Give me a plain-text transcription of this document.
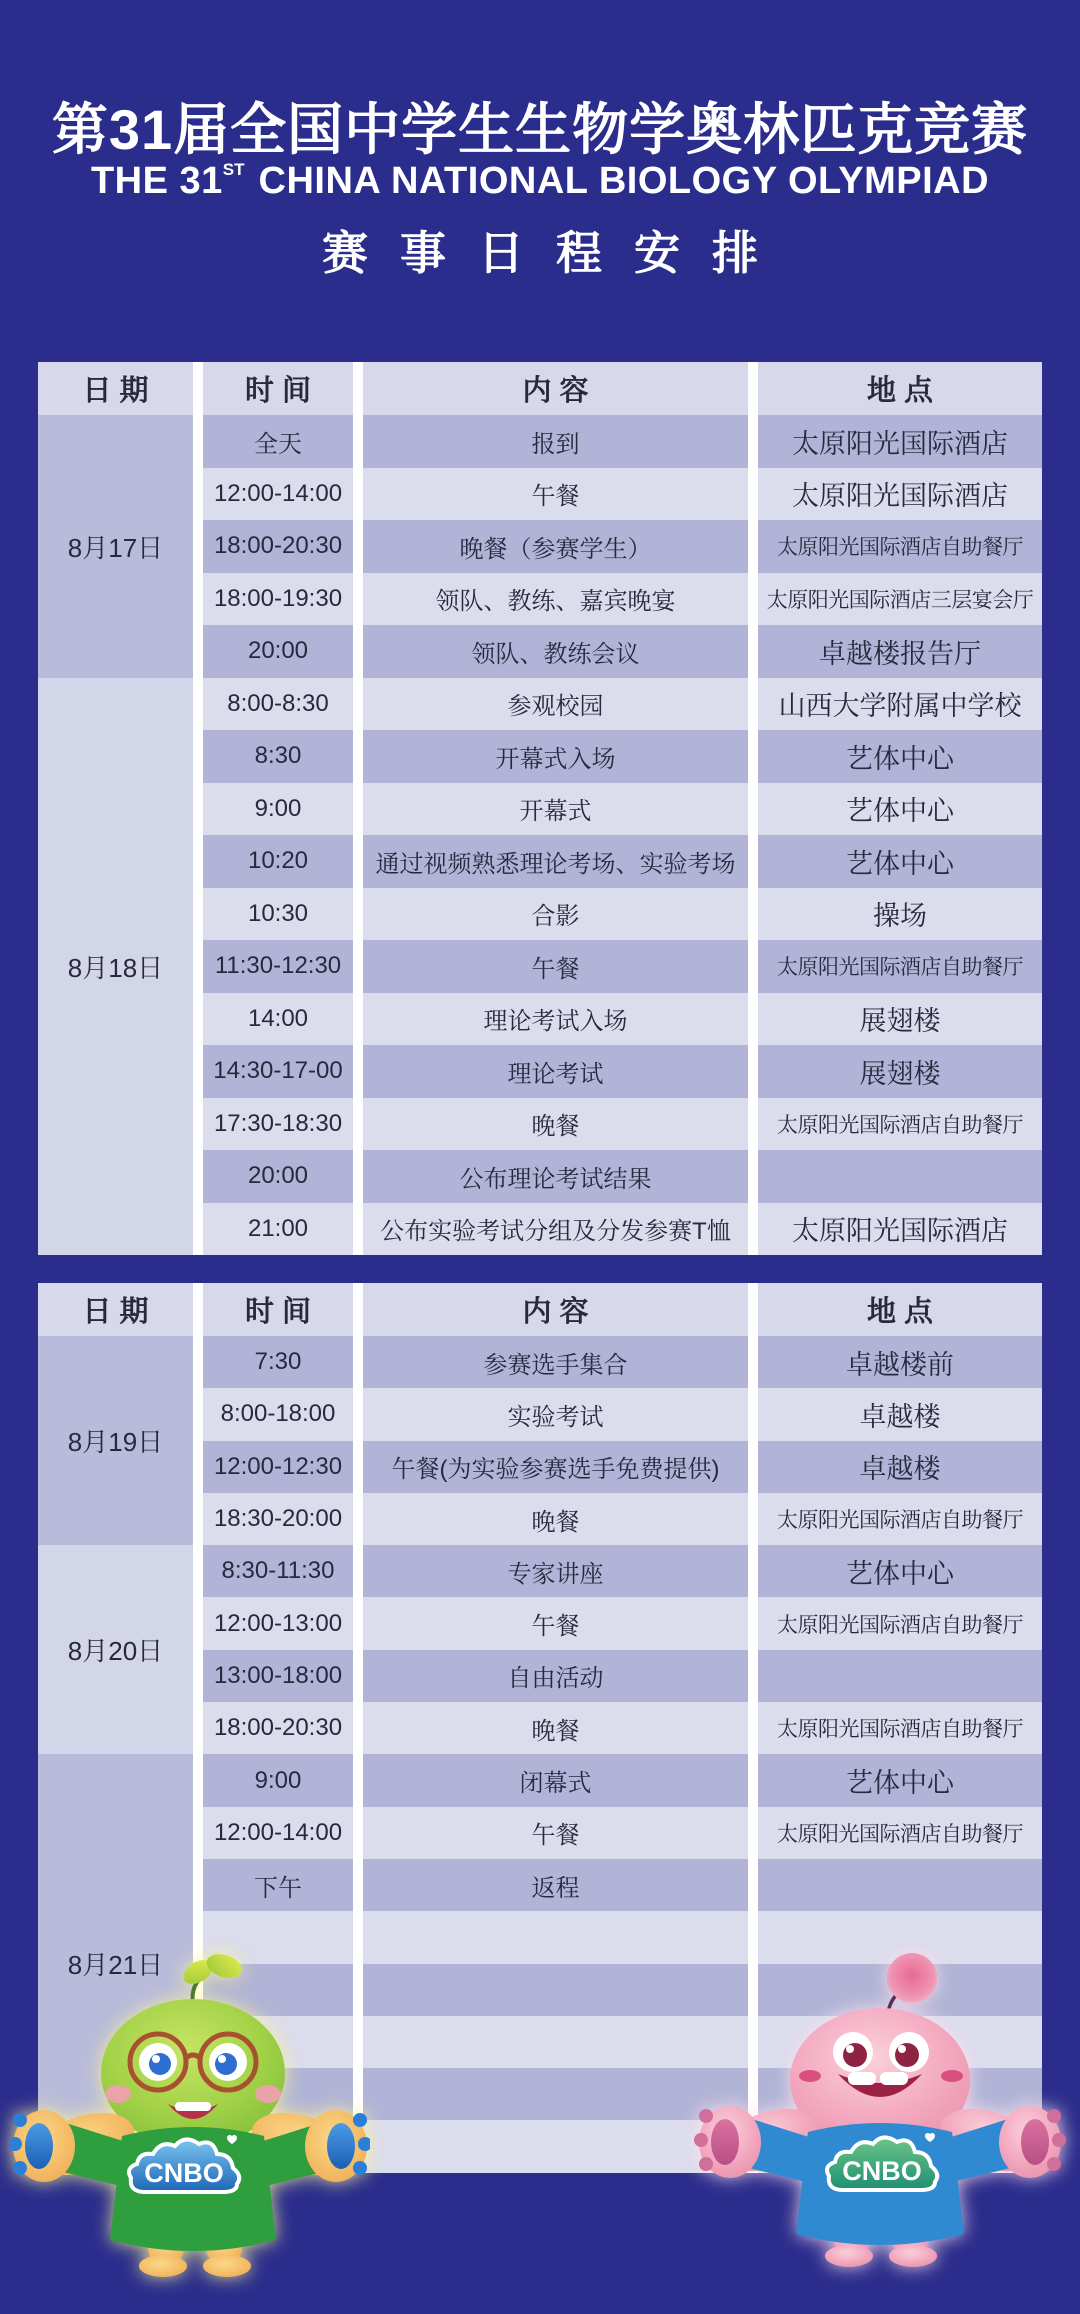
第31届全国中学生生物学奥林匹克竞赛
THE 31ST CHINA NATIONAL BIOLOGY OLYMPIAD
赛事日程安排
日 期
8月17日
8月18日
时 间
全天
12:00-14:00
18:00-20:30
18:00-19:30
20:00
8:00-8:30
8:30
9:00
10:20
10:30
11:30-12:30
14:00
14:30-17-00
17:30-18:30
20:00
21:00
内 容
报到
午餐
晚餐（参赛学生）
领队、教练、嘉宾晚宴
领队、教练会议
参观校园
开幕式入场
开幕式
通过视频熟悉理论考场、实验考场
合影
午餐
理论考试入场
理论考试
晚餐
公布理论考试结果
公布实验考试分组及分发参赛T恤
地 点
太原阳光国际酒店
太原阳光国际酒店
太原阳光国际酒店自助餐厅
太原阳光国际酒店三层宴会厅
卓越楼报告厅
山西大学附属中学校
艺体中心
艺体中心
艺体中心
操场
太原阳光国际酒店自助餐厅
展翅楼
展翅楼
太原阳光国际酒店自助餐厅
太原阳光国际酒店
日 期
8月19日
8月20日
8月21日
时 间
7:30
8:00-18:00
12:00-12:30
18:30-20:00
8:30-11:30
12:00-13:00
13:00-18:00
18:00-20:30
9:00
12:00-14:00
下午
内 容
参赛选手集合
实验考试
午餐(为实验参赛选手免费提供)
晚餐
专家讲座
午餐
自由活动
晚餐
闭幕式
午餐
返程
地 点
卓越楼前
卓越楼
卓越楼
太原阳光国际酒店自助餐厅
艺体中心
太原阳光国际酒店自助餐厅
太原阳光国际酒店自助餐厅
艺体中心
太原阳光国际酒店自助餐厅
CNBO	CNBO
